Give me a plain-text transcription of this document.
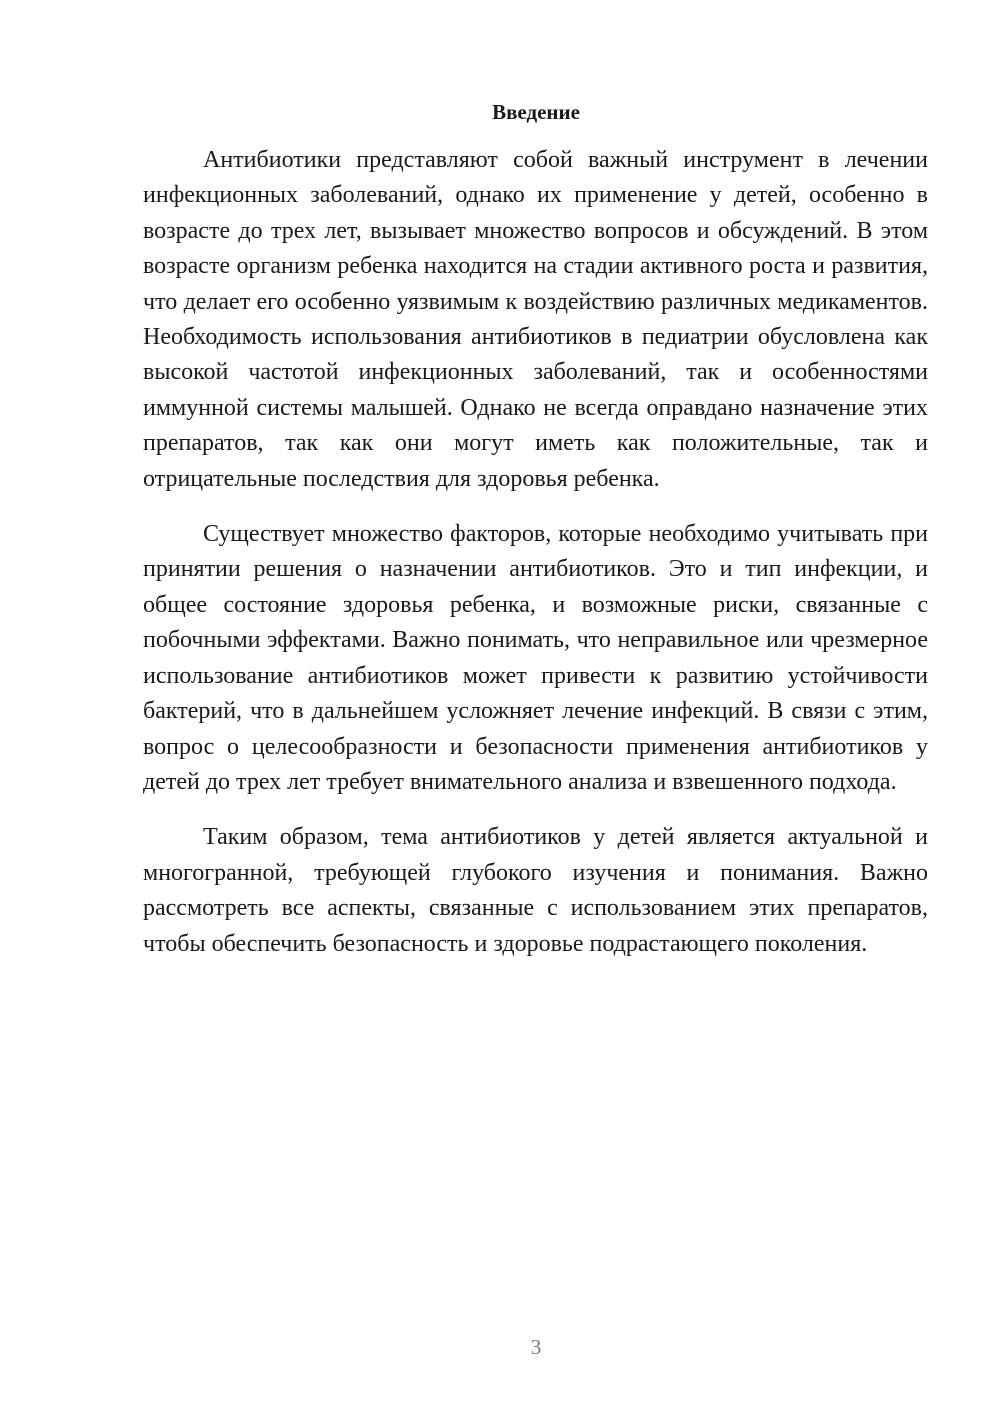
Введение

Антибиотики представляют собой важный инструмент в лечении инфекционных заболеваний, однако их применение у детей, особенно в возрасте до трех лет, вызывает множество вопросов и обсуждений. В этом возрасте организм ребенка находится на стадии активного роста и развития, что делает его особенно уязвимым к воздействию различных медикаментов. Необходимость использования антибиотиков в педиатрии обусловлена как высокой частотой инфекционных заболеваний, так и особенностями иммунной системы малышей. Однако не всегда оправдано назначение этих препаратов, так как они могут иметь как положительные, так и отрицательные последствия для здоровья ребенка.

Существует множество факторов, которые необходимо учитывать при принятии решения о назначении антибиотиков. Это и тип инфекции, и общее состояние здоровья ребенка, и возможные риски, связанные с побочными эффектами. Важно понимать, что неправильное или чрезмерное использование антибиотиков может привести к развитию устойчивости бактерий, что в дальнейшем усложняет лечение инфекций. В связи с этим, вопрос о целесообразности и безопасности применения антибиотиков у детей до трех лет требует внимательного анализа и взвешенного подхода.

Таким образом, тема антибиотиков у детей является актуальной и многогранной, требующей глубокого изучения и понимания. Важно рассмотреть все аспекты, связанные с использованием этих препаратов, чтобы обеспечить безопасность и здоровье подрастающего поколения.

3
